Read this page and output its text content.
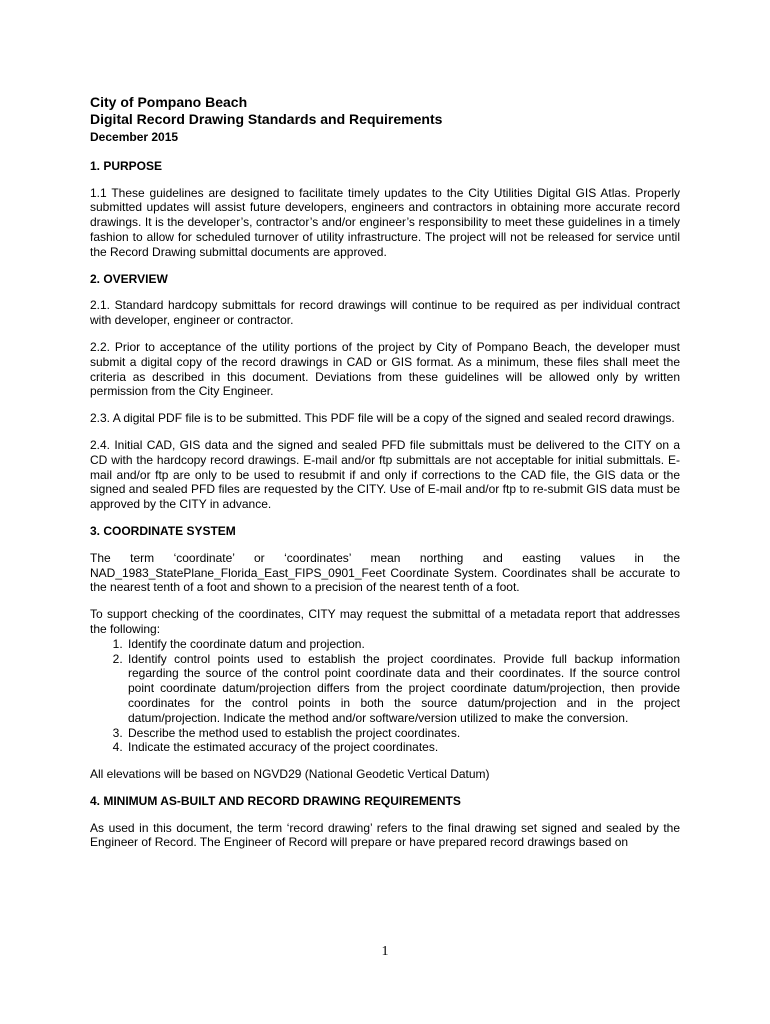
City of Pompano Beach
Digital Record Drawing Standards and Requirements
December 2015
1. PURPOSE

1.1 These guidelines are designed to facilitate timely updates to the City Utilities Digital GIS Atlas. Properly submitted updates will assist future developers, engineers and contractors in obtaining more accurate record drawings. It is the developer’s, contractor’s and/or engineer’s responsibility to meet these guidelines in a timely fashion to allow for scheduled turnover of utility infrastructure. The project will not be released for service until the Record Drawing submittal documents are approved.

2. OVERVIEW

2.1. Standard hardcopy submittals for record drawings will continue to be required as per individual contract with developer, engineer or contractor.

2.2. Prior to acceptance of the utility portions of the project by City of Pompano Beach, the developer must submit a digital copy of the record drawings in CAD or GIS format. As a minimum, these files shall meet the criteria as described in this document. Deviations from these guidelines will be allowed only by written permission from the City Engineer.

2.3. A digital PDF file is to be submitted. This PDF file will be a copy of the signed and sealed record drawings.

2.4. Initial CAD, GIS data and the signed and sealed PFD file submittals must be delivered to the CITY on a CD with the hardcopy record drawings. E-mail and/or ftp submittals are not acceptable for initial submittals. E-mail and/or ftp are only to be used to resubmit if and only if corrections to the CAD file, the GIS data or the signed and sealed PFD files are requested by the CITY. Use of E-mail and/or ftp to re-submit GIS data must be approved by the CITY in advance.

3. COORDINATE SYSTEM

The term ‘coordinate’ or ‘coordinates’ mean northing and easting values in the NAD_1983_StatePlane_Florida_East_FIPS_0901_Feet Coordinate System. Coordinates shall be accurate to the nearest tenth of a foot and shown to a precision of the nearest tenth of a foot.

To support checking of the coordinates, CITY may request the submittal of a metadata report that addresses the following:

1. Identify the coordinate datum and projection.
2. Identify control points used to establish the project coordinates. Provide full backup information regarding the source of the control point coordinate data and their coordinates. If the source control point coordinate datum/projection differs from the project coordinate datum/projection, then provide coordinates for the control points in both the source datum/projection and in the project datum/projection. Indicate the method and/or software/version utilized to make the conversion.
3. Describe the method used to establish the project coordinates.
4. Indicate the estimated accuracy of the project coordinates.

All elevations will be based on NGVD29 (National Geodetic Vertical Datum)

4. MINIMUM AS-BUILT AND RECORD DRAWING REQUIREMENTS

As used in this document, the term ‘record drawing’ refers to the final drawing set signed and sealed by the Engineer of Record. The Engineer of Record will prepare or have prepared record drawings based on

1
